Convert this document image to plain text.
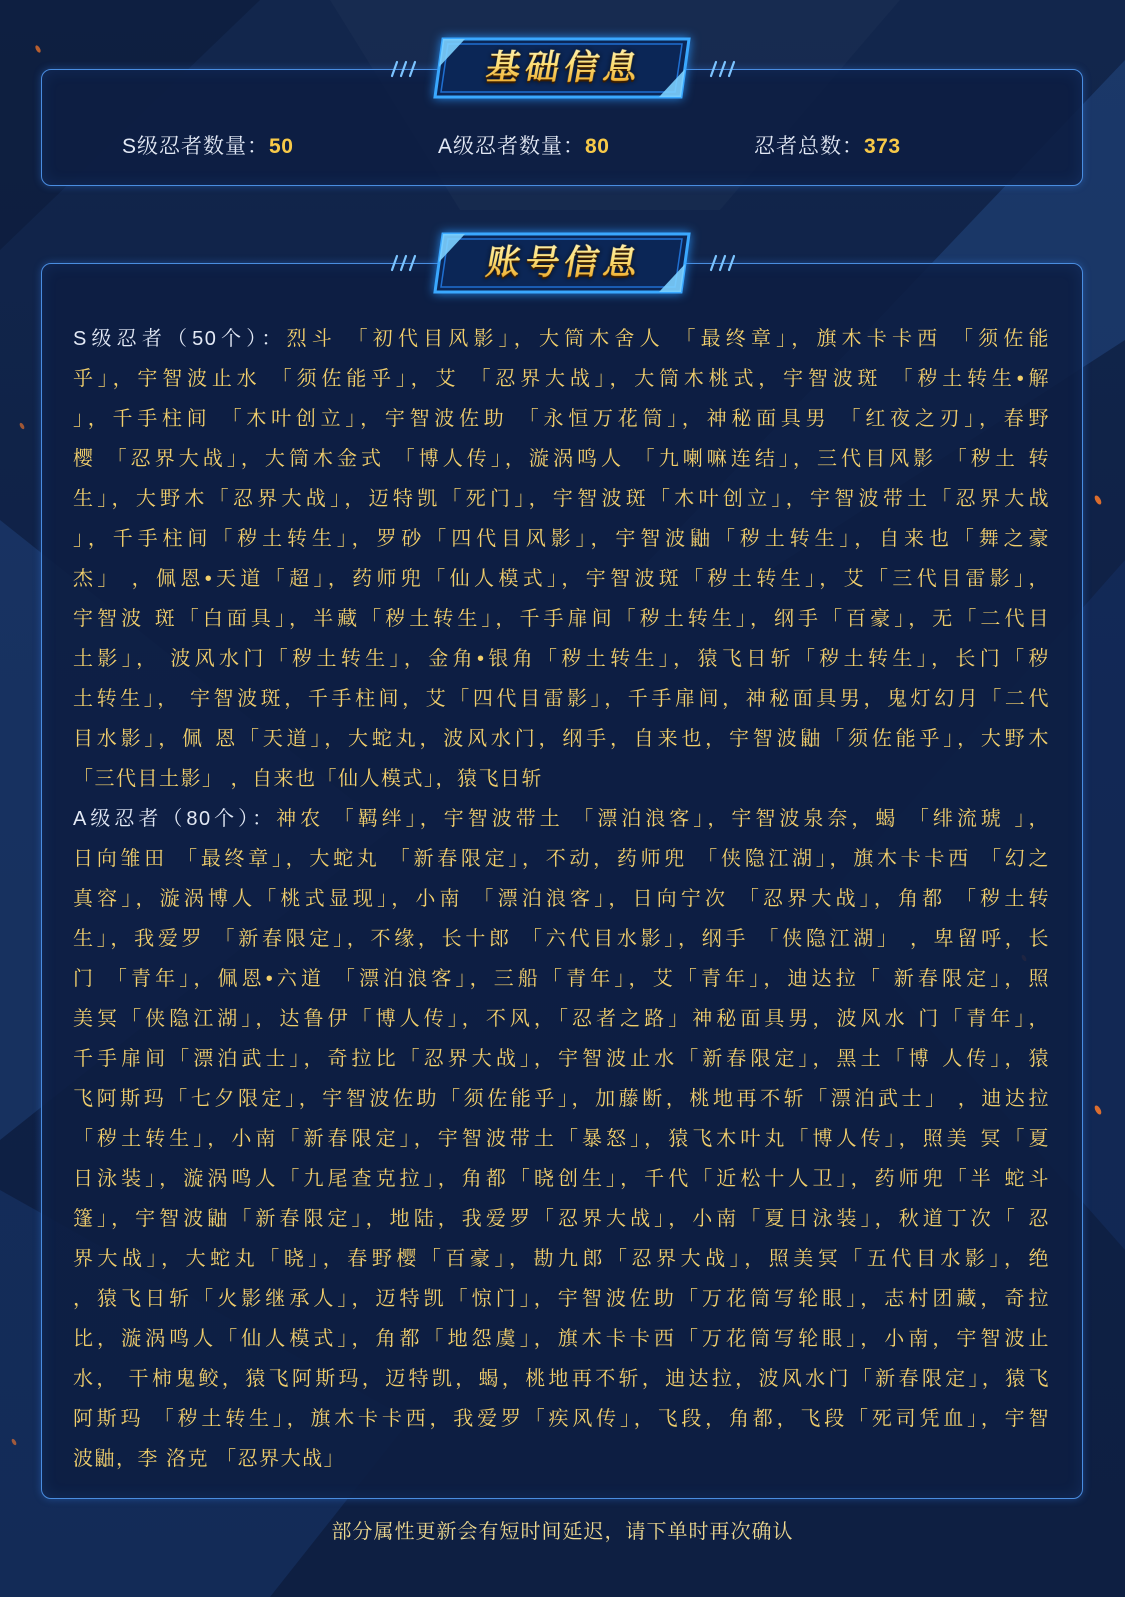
S级忍者数量：50	A级忍者数量：80	忍者总数：373
基础信息
S级忍者（50个）：烈斗 「初代目风影」，大筒木舍人 「最终章」，旗木卡卡西 「须佐能
乎」，宇智波止水 「须佐能乎」，艾 「忍界大战」，大筒木桃式，宇智波斑 「秽土转生•解
」，千手柱间 「木叶创立」，宇智波佐助 「永恒万花筒」，神秘面具男 「红夜之刃」，春野
樱 「忍界大战」，大筒木金式 「博人传」，漩涡鸣人 「九喇嘛连结」，三代目风影 「秽土 转
生」，大野木「忍界大战」，迈特凯「死门」，宇智波斑「木叶创立」，宇智波带土「忍界大战
」，千手柱间「秽土转生」，罗砂「四代目风影」，宇智波鼬「秽土转生」，自来也「舞之豪
杰」 ，佩恩•天道「超」，药师兜「仙人模式」，宇智波斑「秽土转生」，艾「三代目雷影」，
宇智波 斑「白面具」，半藏「秽土转生」，千手扉间「秽土转生」，纲手「百豪」，无「二代目
土影」， 波风水门「秽土转生」，金角•银角「秽土转生」，猿飞日斩「秽土转生」，长门「秽
土转生」， 宇智波斑，千手柱间，艾「四代目雷影」，千手扉间，神秘面具男，鬼灯幻月「二代
目水影」，佩 恩「天道」，大蛇丸，波风水门，纲手，自来也，宇智波鼬「须佐能乎」，大野木
「三代目土影」 ，自来也「仙人模式」，猿飞日斩
A级忍者（80个）：神农 「羁绊」，宇智波带土 「漂泊浪客」，宇智波泉奈，蝎 「绯流琥 」，
日向雏田 「最终章」，大蛇丸 「新春限定」，不动，药师兜 「侠隐江湖」，旗木卡卡西 「幻之
真容」，漩涡博人「桃式显现」，小南 「漂泊浪客」，日向宁次 「忍界大战」，角都 「秽土转
生」，我爱罗 「新春限定」，不缘，长十郎 「六代目水影」，纲手 「侠隐江湖」 ，卑留呼，长
门 「青年」，佩恩•六道 「漂泊浪客」，三船「青年」，艾「青年」，迪达拉「 新春限定」，照
美冥「侠隐江湖」，达鲁伊「博人传」，不风，「忍者之路」神秘面具男，波风水 门「青年」，
千手扉间「漂泊武士」，奇拉比「忍界大战」，宇智波止水「新春限定」，黑土「博 人传」，猿
飞阿斯玛「七夕限定」，宇智波佐助「须佐能乎」，加藤断，桃地再不斩「漂泊武士」 ，迪达拉
「秽土转生」，小南「新春限定」，宇智波带土「暴怒」，猿飞木叶丸「博人传」，照美 冥「夏
日泳装」，漩涡鸣人「九尾查克拉」，角都「晓创生」，千代「近松十人卫」，药师兜「半 蛇斗
篷」，宇智波鼬「新春限定」，地陆，我爱罗「忍界大战」，小南「夏日泳装」，秋道丁次「 忍
界大战」，大蛇丸「晓」，春野樱「百豪」，勘九郎「忍界大战」，照美冥「五代目水影」，绝
，猿飞日斩「火影继承人」，迈特凯「惊门」，宇智波佐助「万花筒写轮眼」，志村团藏，奇拉
比，漩涡鸣人「仙人模式」，角都「地怨虞」，旗木卡卡西「万花筒写轮眼」，小南，宇智波止
水， 干柿鬼鲛，猿飞阿斯玛，迈特凯，蝎，桃地再不斩，迪达拉，波风水门「新春限定」，猿飞
阿斯玛 「秽土转生」，旗木卡卡西，我爱罗「疾风传」，飞段，角都，飞段「死司凭血」，宇智
波鼬，李 洛克 「忍界大战」
账号信息
部分属性更新会有短时间延迟，请下单时再次确认
